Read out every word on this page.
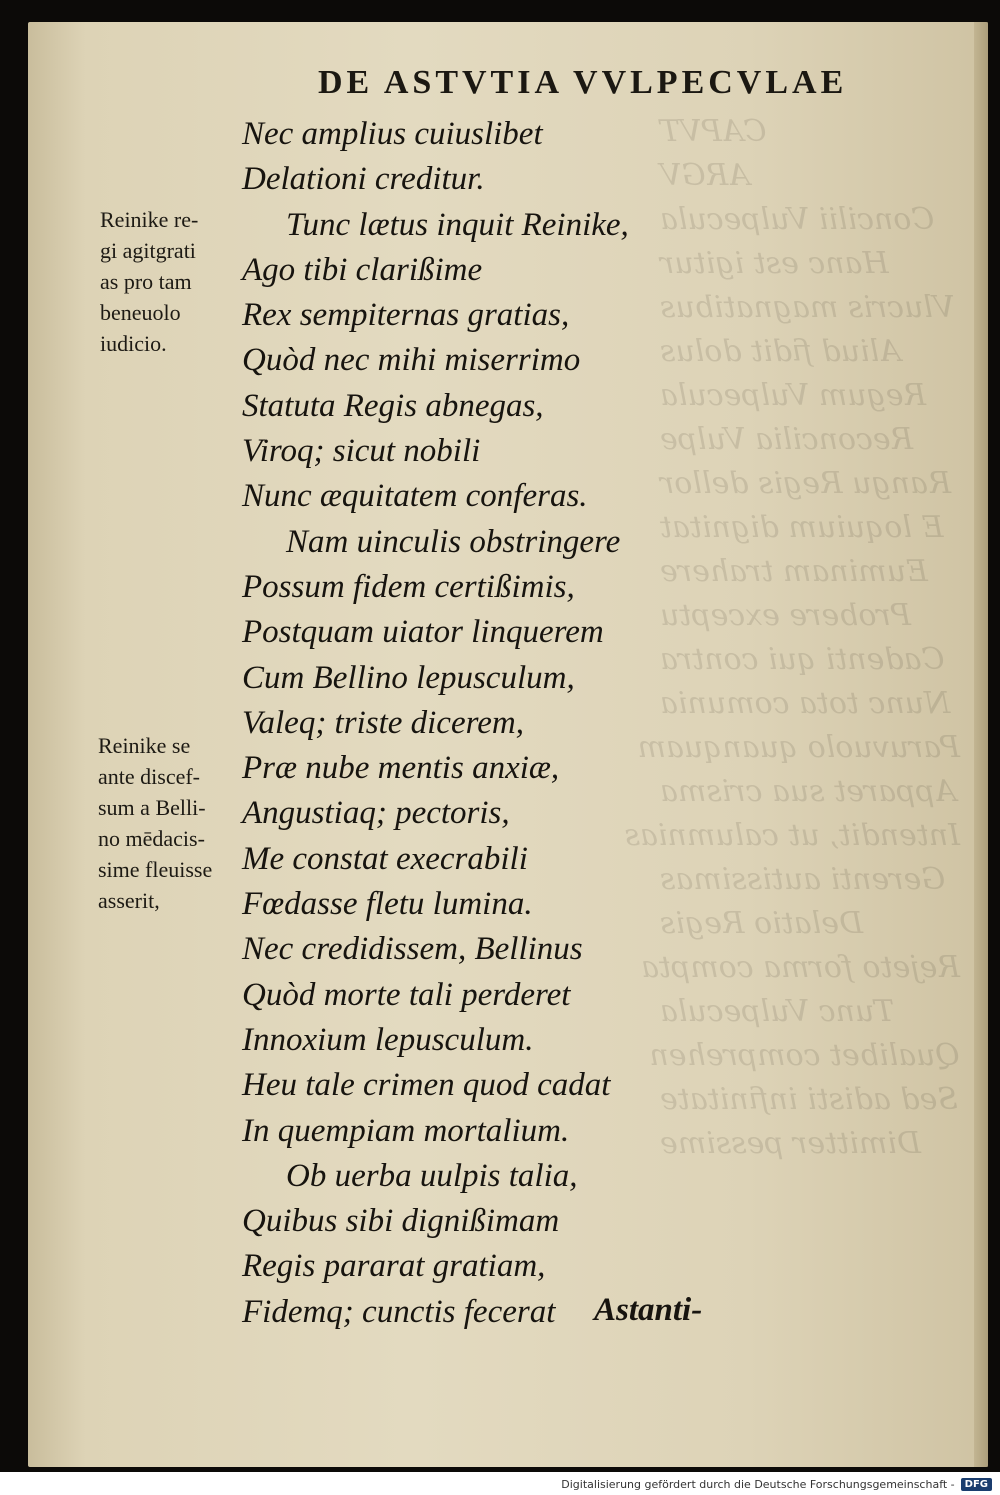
CAPVT
ARGV
Concilii Vulpecula
Hanc est igitur
Vlucris magnatibus
Aliud fidit dolus
Regum Vulpecula
Reconcilia Vulpe
Rangu Regis dellor
E loquium dignitat
Euminam trahere
Probere exceptu
Cadenti qui contra
Nunc tota comunia
Paruvuolo quanquam
Apparet sua crisma
Intendit, ut calumnias
Gerenti autissimas
Delatio Regis
Rejeto forma compta
Tunc Vulpecula
Qualibet comprehen
Sed adisti infinitate
Dimitter pessime
DE ASTVTIA VVLPECVLAE
Nec amplius cuiuslibet
Delationi creditur.
Tunc lætus inquit Reinike,
Ago tibi clarißime
Rex sempiternas gratias,
Quòd nec mihi miserrimo
Statuta Regis abnegas,
Viroq; sicut nobili
Nunc æquitatem conferas.
Nam uinculis obstringere
Possum fidem certißimis,
Postquam uiator linquerem
Cum Bellino lepusculum,
Valeq; triste dicerem,
Præ nube mentis anxiæ,
Angustiaq; pectoris,
Me constat execrabili
Fœdasse fletu lumina.
Nec credidissem, Bellinus
Quòd morte tali perderet
Innoxium lepusculum.
Heu tale crimen quod cadat
In quempiam mortalium.
Ob uerba uulpis talia,
Quibus sibi dignißimam
Regis pararat gratiam,
Fidemq; cunctis fecerat
Reinike re-
gi agitgrati
as pro tam
beneuolo
iudicio.
Reinike se
ante discef-
sum a Belli-
no mēdacis-
sime fleuisse
asserit,
Astanti-
Digitalisierung gefördert durch die Deutsche Forschungsgemeinschaft -	DFG
